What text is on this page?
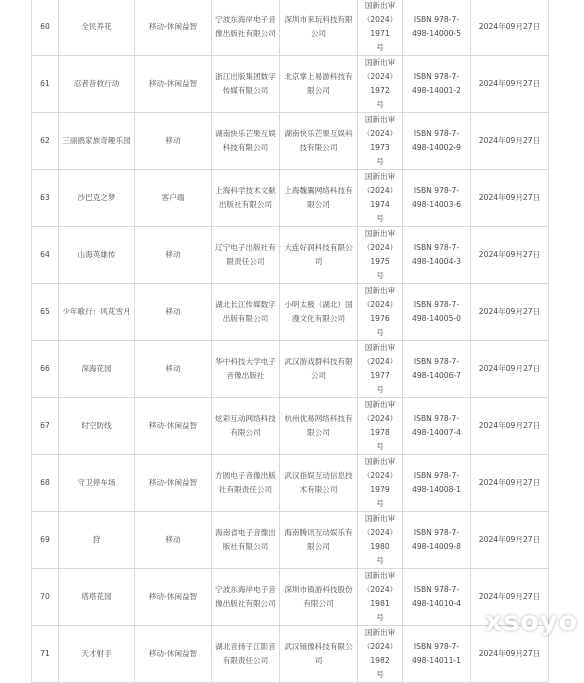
60	全民养花	移动-休闲益智	宁波东海岸电子音像出版社有限公司	深圳市来玩科技有限公司	国新出审
（2024）1971
号	ISBN 978-7-
498-14000-5	2024年09月27日
61	忍者昔救行动	移动-休闲益智	浙江出版集团数字传媒有限公司	北京掌上易游科技有限公司	国新出审
（2024）1972
号	ISBN 978-7-
498-14001-2	2024年09月27日
62	三丽鸥家族奇趣乐园	移动	湖南快乐芒果互娱科技有限公司	湖南快乐芒果互娱科技有限公司	国新出审
（2024）1973
号	ISBN 978-7-
498-14002-9	2024年09月27日
63	沙巴克之梦	客户端	上海科学技术文献出版社有限公司	上海魏翼网络科技有限公司	国新出审
（2024）1974
号	ISBN 978-7-
498-14003-6	2024年09月27日
64	山海英雄传	移动	辽宁电子出版社有限责任公司	大连好润科技有限公司	国新出审
（2024）1975
号	ISBN 978-7-
498-14004-3	2024年09月27日
65	少年歌行：风花雪月	移动	湖北长江传媒数字出版有限公司	小明太极（湖北）国漫文化有限公司	国新出审
（2024）1976
号	ISBN 978-7-
498-14005-0	2024年09月27日
66	深海花园	移动	华中科技大学电子音像出版社	武汉游戏群科技有限公司	国新出审
（2024）1977
号	ISBN 978-7-
498-14006-7	2024年09月27日
67	时空防线	移动-休闲益智	炫彩互动网络科技有限公司	杭州优易网络科技有限公司	国新出审
（2024）1978
号	ISBN 978-7-
498-14007-4	2024年09月27日
68	守卫停车场	移动-休闲益智	方圆电子音像出版社有限责任公司	武汉指娱互动信息技术有限公司	国新出审
（2024）1979
号	ISBN 978-7-
498-14008-1	2024年09月27日
69	狩	移动	海南省电子音像出版社有限公司	海南腾讯互动娱乐有限公司	国新出审
（2024）1980
号	ISBN 978-7-
498-14009-8	2024年09月27日
70	塔塔花园	移动-休闲益智	宁波东海岸电子音像出版社有限公司	深圳市镇游科技股份有限公司	国新出审
（2024）1981
号	ISBN 978-7-
498-14010-4	2024年09月27日
71	天才射手	移动-休闲益智	湖北音扬子江影音有限责任公司	武汉镜像科技有限公司	国新出审
（2024）1982
号	ISBN 978-7-
498-14011-1	2024年09月27日
xsoyo
